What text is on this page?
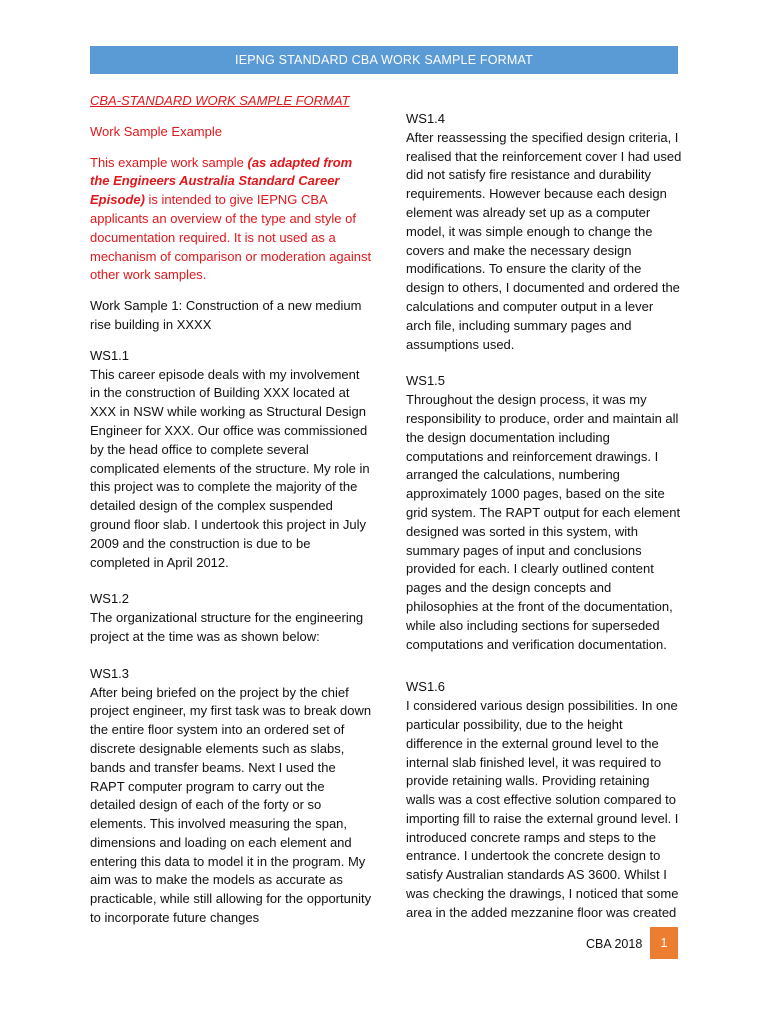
IEPNG STANDARD CBA WORK SAMPLE FORMAT
CBA-STANDARD WORK SAMPLE FORMAT
Work Sample Example
This example work sample (as adapted from the Engineers Australia Standard Career Episode) is intended to give IEPNG CBA applicants an overview of the type and style of documentation required. It is not used as a mechanism of comparison or moderation against other work samples.
Work Sample 1: Construction of a new medium rise building in XXXX
WS1.1
This career episode deals with my involvement in the construction of Building XXX located at XXX in NSW while working as Structural Design Engineer for XXX. Our office was commissioned by the head office to complete several complicated elements of the structure. My role in this project was to complete the majority of the detailed design of the complex suspended ground floor slab. I undertook this project in July 2009 and the construction is due to be completed in April 2012.
WS1.2
The organizational structure for the engineering project at the time was as shown below:
WS1.3
After being briefed on the project by the chief project engineer, my first task was to break down the entire floor system into an ordered set of discrete designable elements such as slabs, bands and transfer beams. Next I used the RAPT computer program to carry out the detailed design of each of the forty or so elements. This involved measuring the span, dimensions and loading on each element and entering this data to model it in the program. My aim was to make the models as accurate as practicable, while still allowing for the opportunity to incorporate future changes
WS1.4
After reassessing the specified design criteria, I realised that the reinforcement cover I had used did not satisfy fire resistance and durability requirements. However because each design element was already set up as a computer model, it was simple enough to change the covers and make the necessary design modifications. To ensure the clarity of the design to others, I documented and ordered the calculations and computer output in a lever arch file, including summary pages and assumptions used.
WS1.5
Throughout the design process, it was my responsibility to produce, order and maintain all the design documentation including computations and reinforcement drawings. I arranged the calculations, numbering approximately 1000 pages, based on the site grid system. The RAPT output for each element designed was sorted in this system, with summary pages of input and conclusions provided for each. I clearly outlined content pages and the design concepts and philosophies at the front of the documentation, while also including sections for superseded computations and verification documentation.
WS1.6
I considered various design possibilities. In one particular possibility, due to the height difference in the external ground level to the internal slab finished level, it was required to provide retaining walls. Providing retaining walls was a cost effective solution compared to importing fill to raise the external ground level. I introduced concrete ramps and steps to the entrance. I undertook the concrete design to satisfy Australian standards AS 3600. Whilst I was checking the drawings, I noticed that some area in the added mezzanine floor was created
CBA 2018 1
